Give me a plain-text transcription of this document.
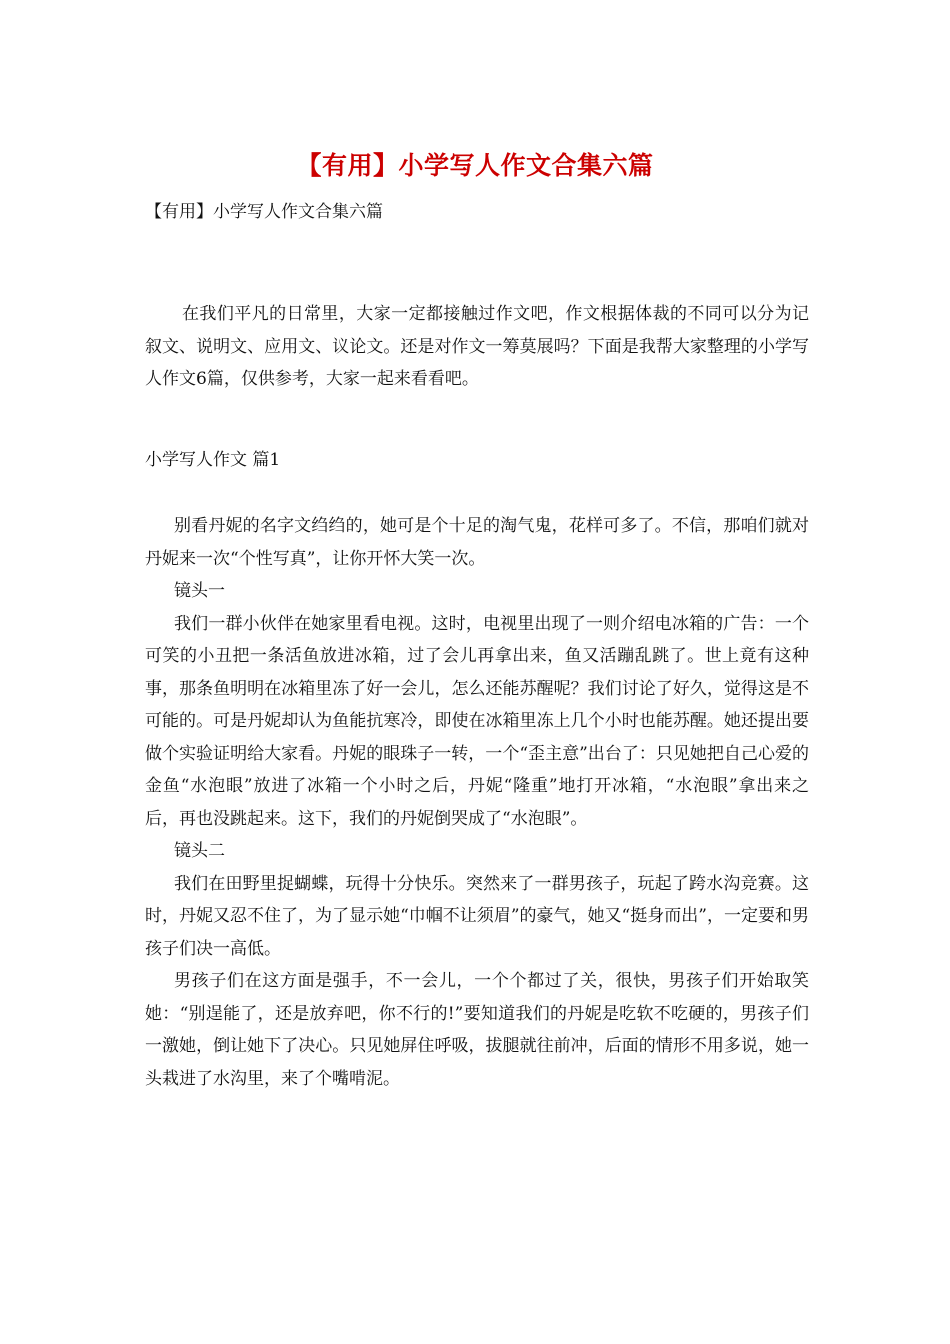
【有用】小学写人作文合集六篇
【有用】小学写人作文合集六篇

在我们平凡的日常里，大家一定都接触过作文吧，作文根据体裁的不同可以分为记叙文、说明文、应用文、议论文。还是对作文一筹莫展吗？下面是我帮大家整理的小学写人作文6篇，仅供参考，大家一起来看看吧。

小学写人作文 篇1

别看丹妮的名字文绉绉的，她可是个十足的淘气鬼，花样可多了。不信，那咱们就对丹妮来一次“个性写真”，让你开怀大笑一次。

镜头一

我们一群小伙伴在她家里看电视。这时，电视里出现了一则介绍电冰箱的广告：一个可笑的小丑把一条活鱼放进冰箱，过了会儿再拿出来，鱼又活蹦乱跳了。世上竟有这种事，那条鱼明明在冰箱里冻了好一会儿，怎么还能苏醒呢？我们讨论了好久，觉得这是不可能的。可是丹妮却认为鱼能抗寒冷，即使在冰箱里冻上几个小时也能苏醒。她还提出要做个实验证明给大家看。丹妮的眼珠子一转，一个“歪主意”出台了：只见她把自己心爱的金鱼“水泡眼”放进了冰箱一个小时之后，丹妮“隆重”地打开冰箱，“水泡眼”拿出来之后，再也没跳起来。这下，我们的丹妮倒哭成了“水泡眼”。

镜头二

我们在田野里捉蝴蝶，玩得十分快乐。突然来了一群男孩子，玩起了跨水沟竞赛。这时，丹妮又忍不住了，为了显示她“巾帼不让须眉”的豪气，她又“挺身而出”，一定要和男孩子们决一高低。

男孩子们在这方面是强手，不一会儿，一个个都过了关，很快，男孩子们开始取笑她：“别逞能了，还是放弃吧，你不行的!”要知道我们的丹妮是吃软不吃硬的，男孩子们一激她，倒让她下了决心。只见她屏住呼吸，拔腿就往前冲，后面的情形不用多说，她一头栽进了水沟里，来了个嘴啃泥。
